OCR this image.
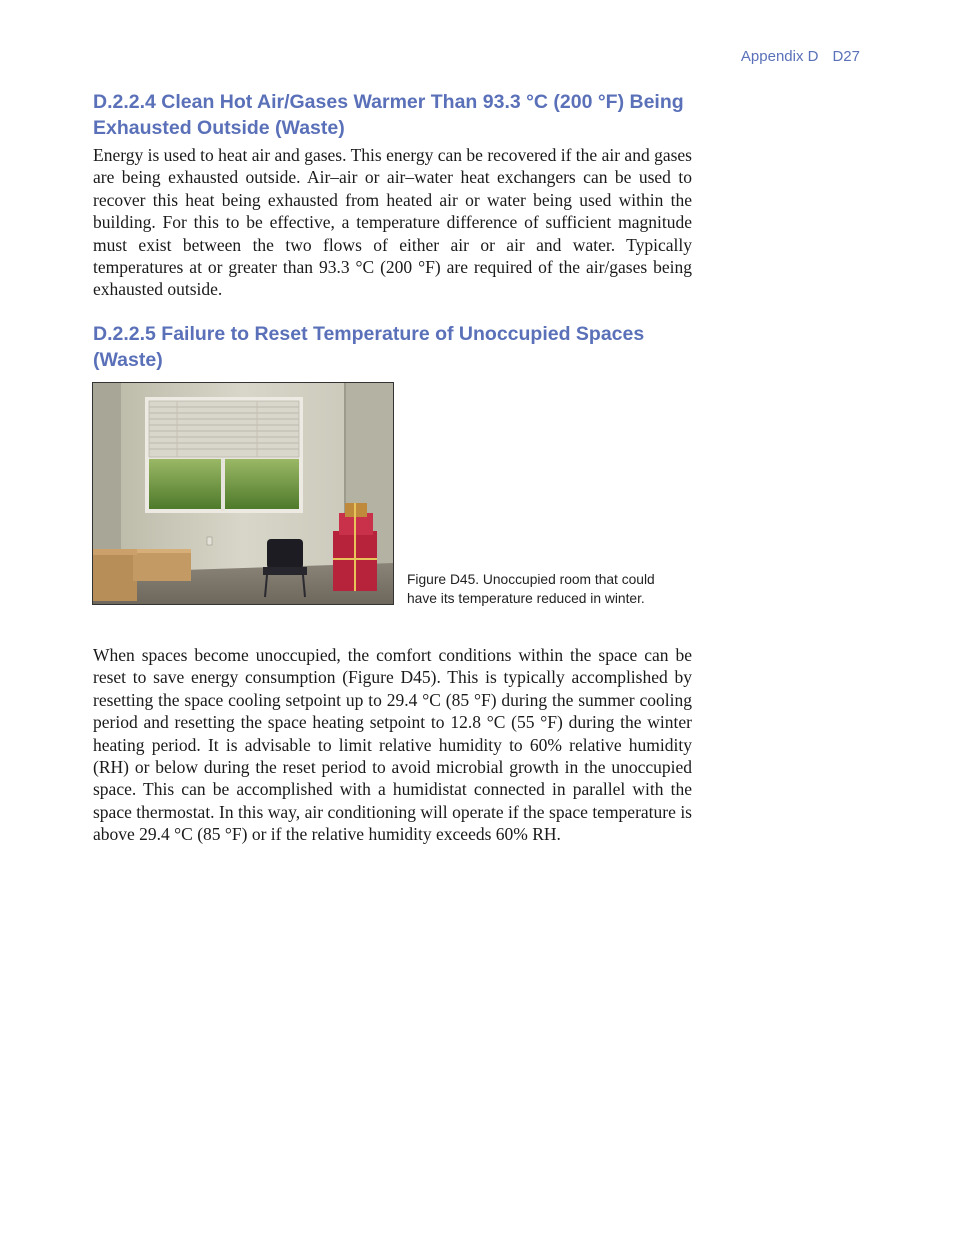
Appendix D D27
D.2.2.4 Clean Hot Air/Gases Warmer Than 93.3 °C (200 °F) Being
Exhausted Outside (Waste)

Energy is used to heat air and gases. This energy can be recovered if the air and gases are being exhausted outside. Air–air or air–water heat exchangers can be used to recover this heat being exhausted from heated air or water being used within the building. For this to be effective, a temperature difference of sufficient magnitude must exist between the two flows of either air or air and water. Typically temperatures at or greater than 93.3 °C (200 °F) are required of the air/gases being exhausted outside.

D.2.2.5 Failure to Reset Temperature of Unoccupied Spaces
(Waste)

Figure D45. Unoccupied room that could
have its temperature reduced in winter.

When spaces become unoccupied, the comfort conditions within the space can be reset to save energy consumption (Figure D45). This is typically accomplished by resetting the space cooling setpoint up to 29.4 °C (85 °F) during the summer cooling period and resetting the space heating setpoint to 12.8 °C (55 °F) during the winter heating period. It is advisable to limit relative humidity to 60% relative humidity (RH) or below during the reset period to avoid microbial growth in the unoccupied space. This can be accomplished with a humidistat connected in parallel with the space thermostat. In this way, air conditioning will operate if the space temperature is above 29.4 °C (85 °F) or if the relative humidity exceeds 60% RH.
